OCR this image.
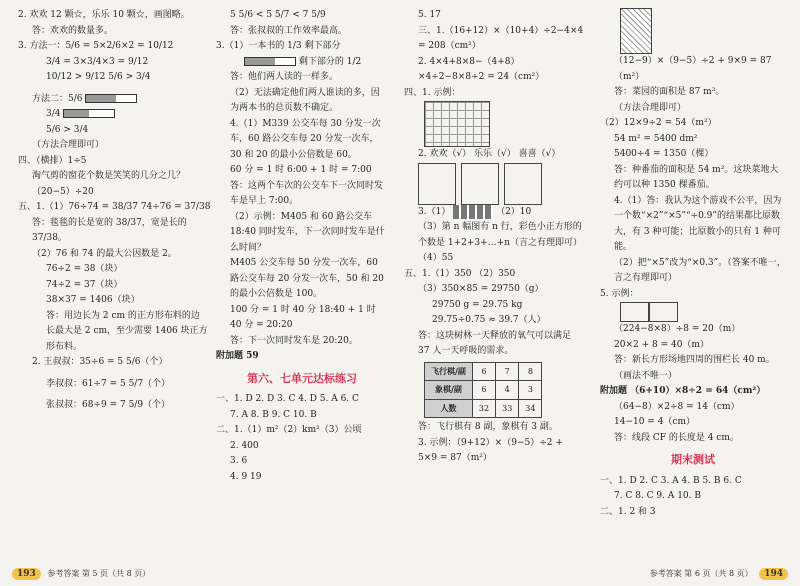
2. 欢欢 12 颗☆，乐乐 10 颗☆，画图略。
答：欢欢的数量多。
3. 方法一：5/6 = 5×2/6×2 = 10/12
3/4 = 3×3/4×3 = 9/12
10/12 > 9/12 5/6 > 3/4
方法二：5/6
3/4
5/6 > 3/4
（方法合理即可）
四、（横排）1÷5
淘气剪的窗花个数是笑笑的几分之几？
（20−5）÷20
五、1.（1）76÷74 = 38/37 74÷76 = 37/38
答：毯毯的长是宽的 38/37，宽是长的 37/38。
（2）76 和 74 的最大公因数是 2。
76÷2 = 38（块）
74÷2 = 37（块）
38×37 = 1406（块）
答：用边长为 2 cm 的正方形布料的边长最大是 2 cm，至少需要 1406 块正方形布料。
2. 王叔叔：35÷6 = 5 5/6（个）
李叔叔：61÷7 = 5 5/7（个）
张叔叔：68÷9 = 7 5/9（个）
5 5/6 < 5 5/7 < 7 5/9
答：张叔叔的工作效率最高。
3.（1）一本书的 1/3 剩下部分
剩下部分的 1/2
答：他们两人读的一样多。
（2）无法确定他们两人谁读的多，因为两本书的总页数不确定。
4.（1）M339 公交车每 30 分发一次车，60 路公交车每 20 分发一次车，30 和 20 的最小公倍数是 60。
60 分 = 1 时 6:00 + 1 时 = 7:00
答：这两个车次的公交车下一次同时发车是早上 7:00。
（2）示例：M405 和 60 路公交车 18:40 同时发车，下一次同时发车是什么时间？
M405 公交车每 50 分发一次车，60 路公交车每 20 分发一次车，50 和 20 的最小公倍数是 100。
100 分 = 1 时 40 分 18:40 + 1 时 40 分 = 20:20
答：下一次同时发车是 20:20。
附加题 59
第六、七单元达标练习
一、1. D 2. D 3. C 4. D 5. A 6. C
7. A 8. B 9. C 10. B
二、1.（1）m²（2）km²（3）公顷
2. 400
3. 6
4. 9 19
5. 17
三、1.（16+12）×（10+4）÷2−4×4 = 208（cm²）
2. 4×4+8×8−（4+8）×4÷2−8×8÷2 = 24（cm²）
四、1. 示例：
2. 欢欢（√） 乐乐（√） 喜喜（√）

3.（1）	（2）10
（3）第 n 幅图有 n 行，彩色小正方形的个数是 1+2+3+…+n（言之有理即可）
（4）55
五、1.（1）350 （2）350
（3）350×85 = 29750（g）
29750 g = 29.75 kg
29.75÷0.75 ≈ 39.7（人）
答：这块树林一天释放的氧气可以满足 37 人一天呼吸的需求。
飞行棋/副	6	7	8
象棋/副	6	4	3
人数	32	33	34
答：飞行棋有 8 副，象棋有 3 副。
3. 示例：（9+12）×（9−5）÷2 + 5×9 = 87（m²）
（12−9）×（9−5）÷2 + 9×9 = 87（m²）
答：菜园的面积是 87 m²。
（方法合理即可）
（2）12×9÷2 = 54（m²）
54 m² = 5400 dm²
5400÷4 = 1350（棵）
答：种番茄的面积是 54 m²。这块菜地大约可以种 1350 棵番茄。
4.（1）答：我认为这个游戏不公平，因为一个数“×2”“×5”“÷0.9”的结果都比原数大，有 3 种可能；比原数小的只有 1 种可能。
（2）把“×5”改为“×0.3”。（答案不唯一，言之有理即可）
5. 示例：
（224−8×8）÷8 = 20（m）
20×2 + 8 = 40（m）
答：新长方形场地四周的围栏长 40 m。
（画法不唯一）
附加题 （6+10）×8÷2 = 64（cm²）
（64−8）×2÷8 = 14（cm）
14−10 = 4（cm）
答：线段 CF 的长度是 4 cm。
期末测试
一、1. D 2. C 3. A 4. B 5. B 6. C
7. C 8. C 9. A 10. B
二、1. 2 和 3
193 参考答案 第 5 页（共 8 页）	参考答案 第 6 页（共 8 页） 194
